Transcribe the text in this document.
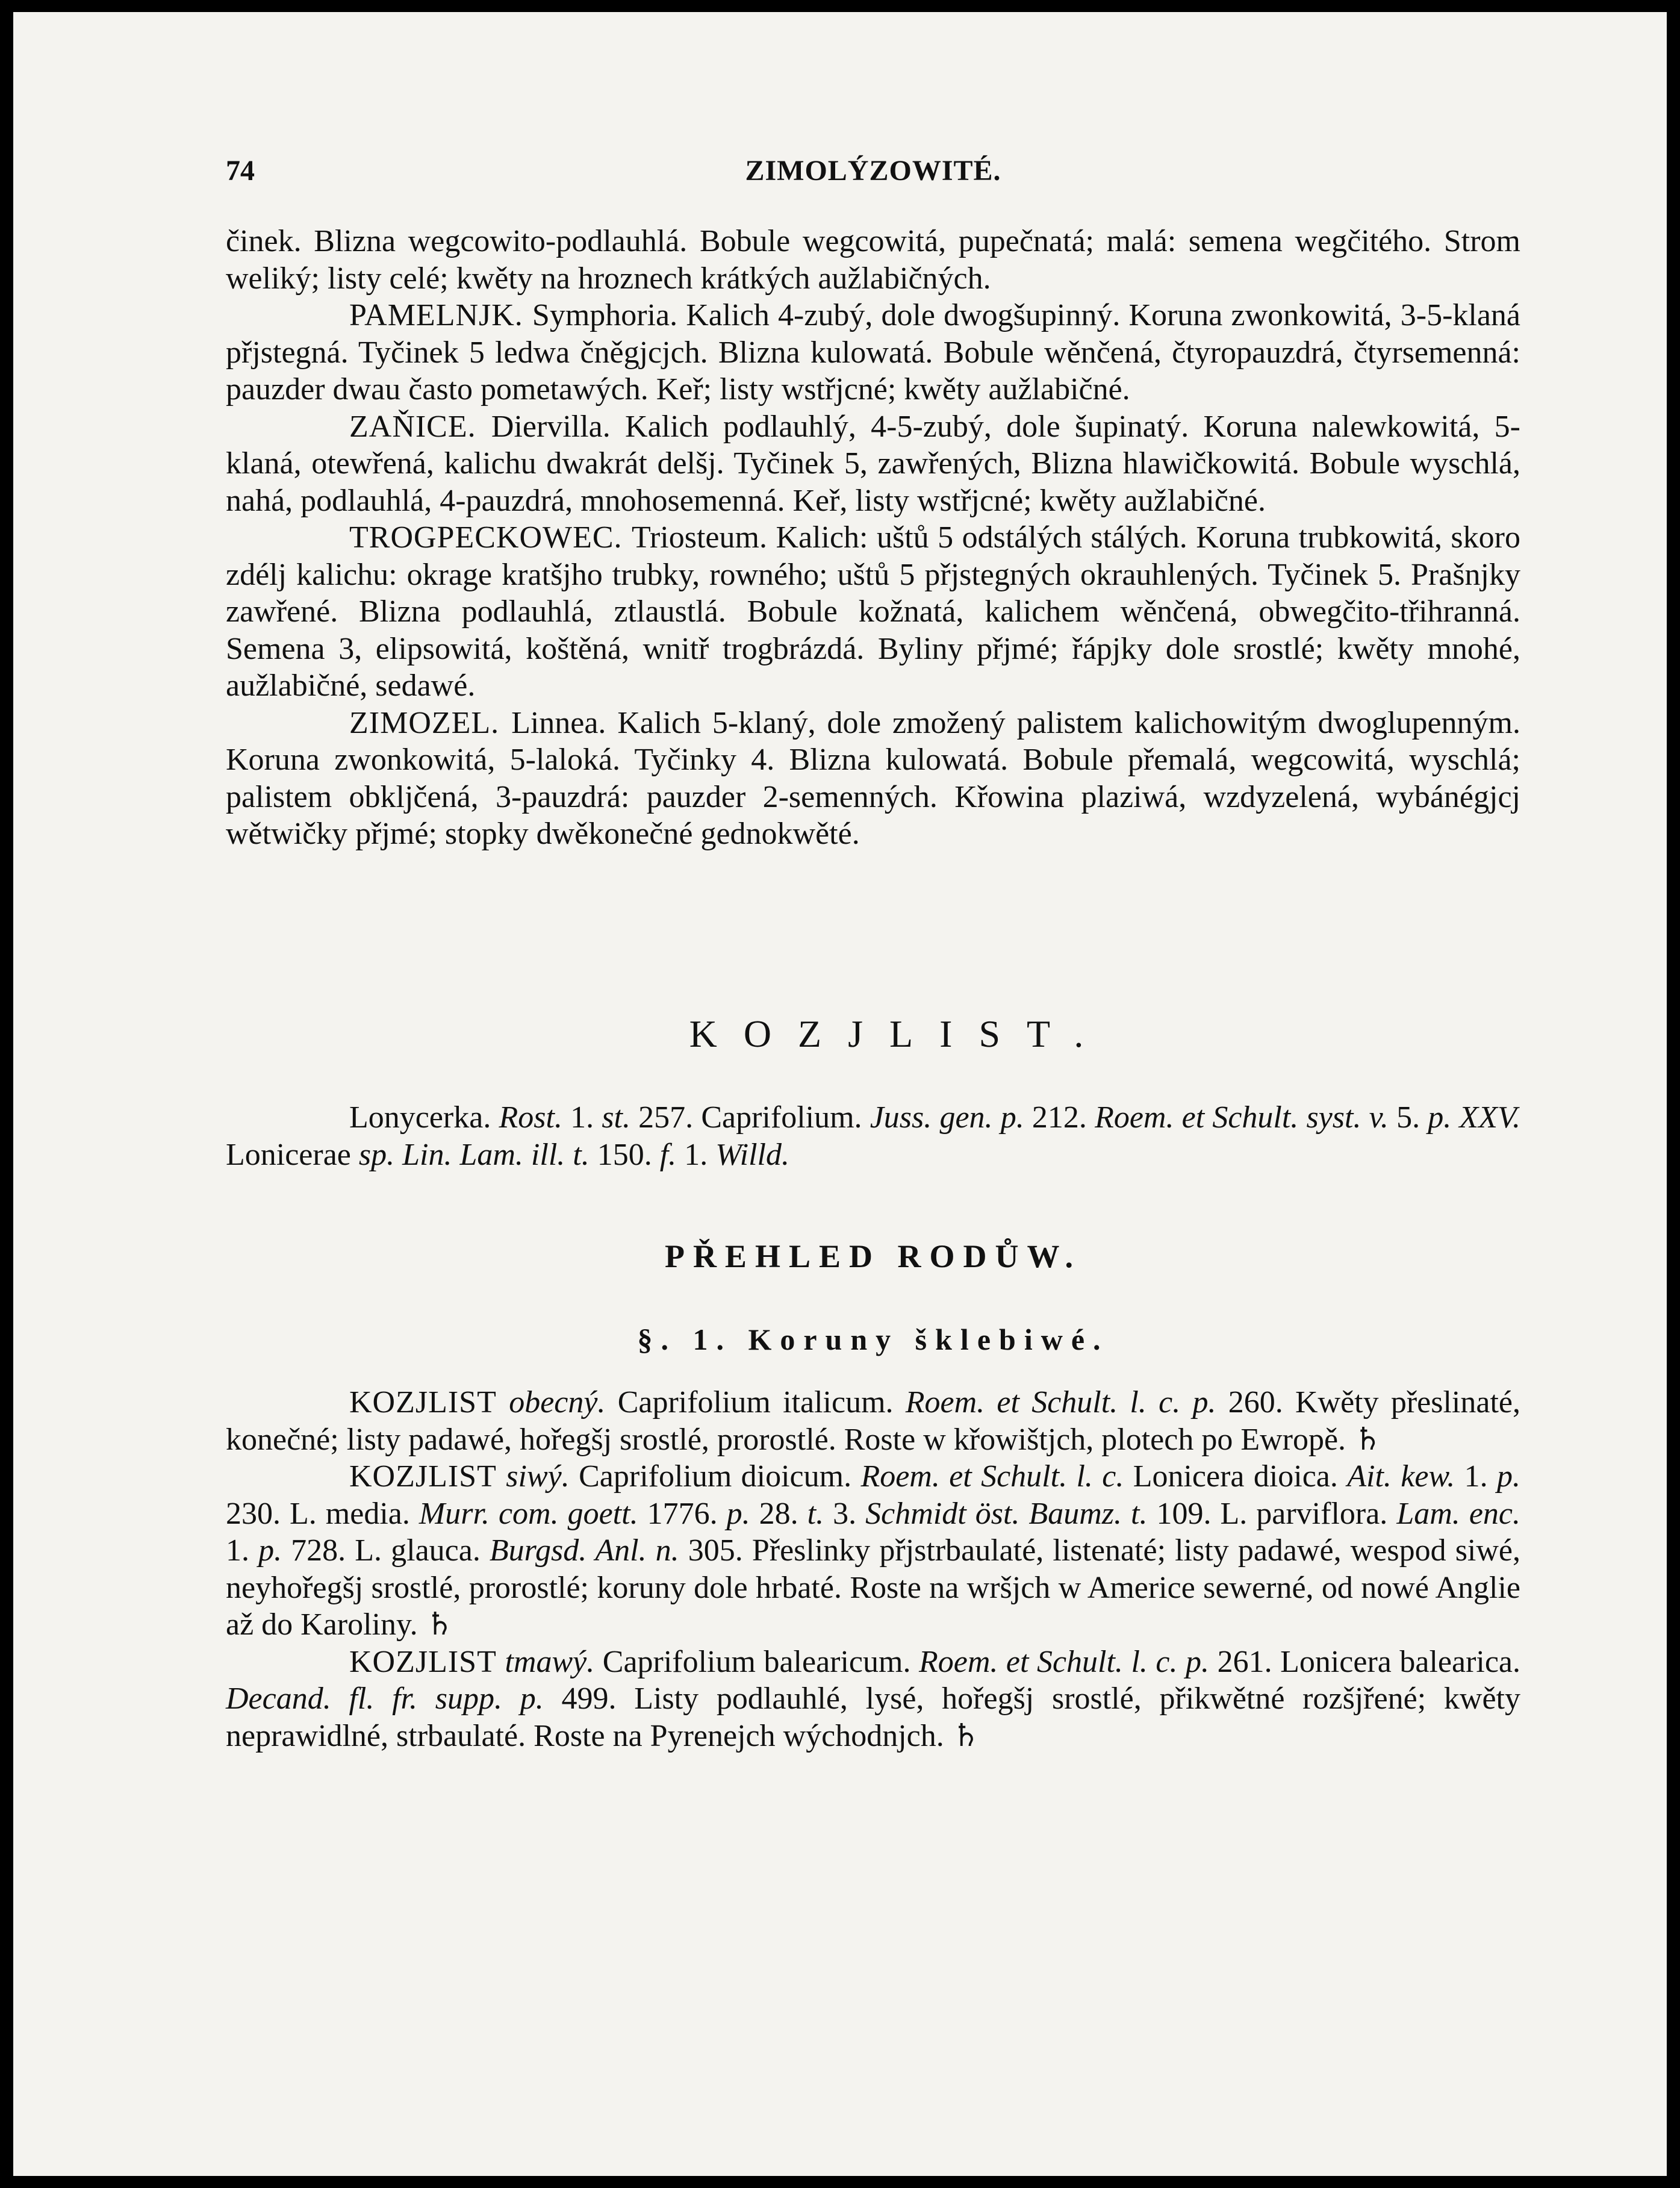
74	ZIMOLÝZOWITÉ.

činek. Blizna wegcowito-podlauhlá. Bobule wegcowitá, pupečnatá; malá: semena wegčitého. Strom weliký; listy celé; kwěty na hroznech krátkých aužlabičných.

PAMELNJK. Symphoria. Kalich 4-zubý, dole dwogšupinný. Koruna zwonkowitá, 3-5-klaná přjstegná. Tyčinek 5 ledwa čněgjcjch. Blizna kulowatá. Bobule wěnčená, čtyropauzdrá, čtyrsemenná: pauzder dwau často pometawých. Keř; listy wstřjcné; kwěty aužlabičné.

ZAŇICE. Diervilla. Kalich podlauhlý, 4-5-zubý, dole šupinatý. Koruna nalewkowitá, 5-klaná, otewřená, kalichu dwakrát delšj. Tyčinek 5, zawřených, Blizna hlawičkowitá. Bobule wyschlá, nahá, podlauhlá, 4-pauzdrá, mnohosemenná. Keř, listy wstřjcné; kwěty aužlabičné.

TROGPECKOWEC. Triosteum. Kalich: uštů 5 odstálých stálých. Koruna trubkowitá, skoro zdélj kalichu: okrage kratšjho trubky, rowného; uštů 5 přjstegných okrauhlených. Tyčinek 5. Prašnjky zawřené. Blizna podlauhlá, ztlaustlá. Bobule kožnatá, kalichem wěnčená, obwegčito-třihranná. Semena 3, elipsowitá, koštěná, wnitř trogbrázdá. Byliny přjmé; řápjky dole srostlé; kwěty mnohé, aužlabičné, sedawé.

ZIMOZEL. Linnea. Kalich 5-klaný, dole zmožený palistem kalichowitým dwoglupenným. Koruna zwonkowitá, 5-laloká. Tyčinky 4. Blizna kulowatá. Bobule přemalá, wegcowitá, wyschlá; palistem obkljčená, 3-pauzdrá: pauzder 2-semenných. Křowina plaziwá, wzdyzelená, wybánégjcj wětwičky přjmé; stopky dwěkonečné gednokwěté.

KOZJLIST.

Lonycerka. Rost. 1. st. 257. Caprifolium. Juss. gen. p. 212. Roem. et Schult. syst. v. 5. p. XXV. Lonicerae sp. Lin. Lam. ill. t. 150. f. 1. Willd.

PŘEHLED RODŮW.
§. 1. Koruny šklebiwé.

KOZJLIST obecný. Caprifolium italicum. Roem. et Schult. l. c. p. 260. Kwěty přeslinaté, konečné; listy padawé, hořegšj srostlé, prorostlé. Roste w křowištjch, plotech po Ewropě. ♄

KOZJLIST siwý. Caprifolium dioicum. Roem. et Schult. l. c. Lonicera dioica. Ait. kew. 1. p. 230. L. media. Murr. com. goett. 1776. p. 28. t. 3. Schmidt öst. Baumz. t. 109. L. parviflora. Lam. enc. 1. p. 728. L. glauca. Burgsd. Anl. n. 305. Přeslinky přjstrbaulaté, listenaté; listy padawé, wespod siwé, neyhořegšj srostlé, prorostlé; koruny dole hrbaté. Roste na wršjch w Americe sewerné, od nowé Anglie až do Karoliny. ♄

KOZJLIST tmawý. Caprifolium balearicum. Roem. et Schult. l. c. p. 261. Lonicera balearica. Decand. fl. fr. supp. p. 499. Listy podlauhlé, lysé, hořegšj srostlé, přikwětné rozšjřené; kwěty neprawidlné, strbaulaté. Roste na Pyrenejch wýchodnjch. ♄
